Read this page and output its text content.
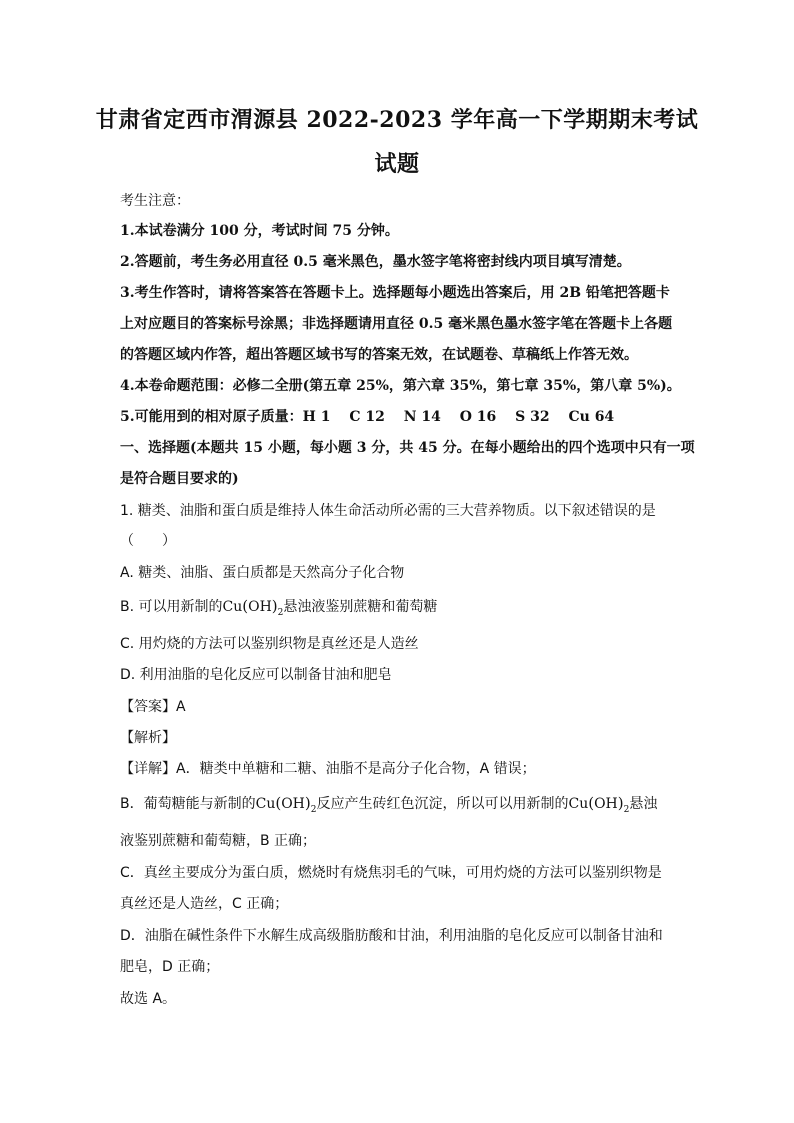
甘肃省定西市渭源县 2022-2023 学年高一下学期期末考试
试题
考生注意：
1.本试卷满分 100 分，考试时间 75 分钟。
2.答题前，考生务必用直径 0.5 毫米黑色，墨水签字笔将密封线内项目填写清楚。
3.考生作答时，请将答案答在答题卡上。选择题每小题选出答案后，用 2B 铅笔把答题卡
上对应题目的答案标号涂黑；非选择题请用直径 0.5 毫米黑色墨水签字笔在答题卡上各题
的答题区域内作答，超出答题区域书写的答案无效，在试题卷、草稿纸上作答无效。
4.本卷命题范围：必修二全册(第五章 25%，第六章 35%，第七章 35%，第八章 5%)。
5.可能用到的相对原子质量：H 1　 C 12　 N 14　 O 16　 S 32　 Cu 64
一、选择题(本题共 15 小题，每小题 3 分，共 45 分。在每小题给出的四个选项中只有一项
是符合题目要求的)
1. 糖类、油脂和蛋白质是维持人体生命活动所必需的三大营养物质。以下叙述错误的是
（　　）
A. 糖类、油脂、蛋白质都是天然高分子化合物
B. 可以用新制的$Cu(OH)_2$悬浊液鉴别蔗糖和葡萄糖
C. 用灼烧的方法可以鉴别织物是真丝还是人造丝
D. 利用油脂的皂化反应可以制备甘油和肥皂
【答案】A
【解析】
【详解】A．糖类中单糖和二糖、油脂不是高分子化合物，A 错误；
B．葡萄糖能与新制的$Cu(OH)_2$反应产生砖红色沉淀，所以可以用新制的$Cu(OH)_2$悬浊
液鉴别蔗糖和葡萄糖，B 正确；
C．真丝主要成分为蛋白质，燃烧时有烧焦羽毛的气味，可用灼烧的方法可以鉴别织物是
真丝还是人造丝，C 正确；
D．油脂在碱性条件下水解生成高级脂肪酸和甘油，利用油脂的皂化反应可以制备甘油和
肥皂，D 正确；
故选 A。
